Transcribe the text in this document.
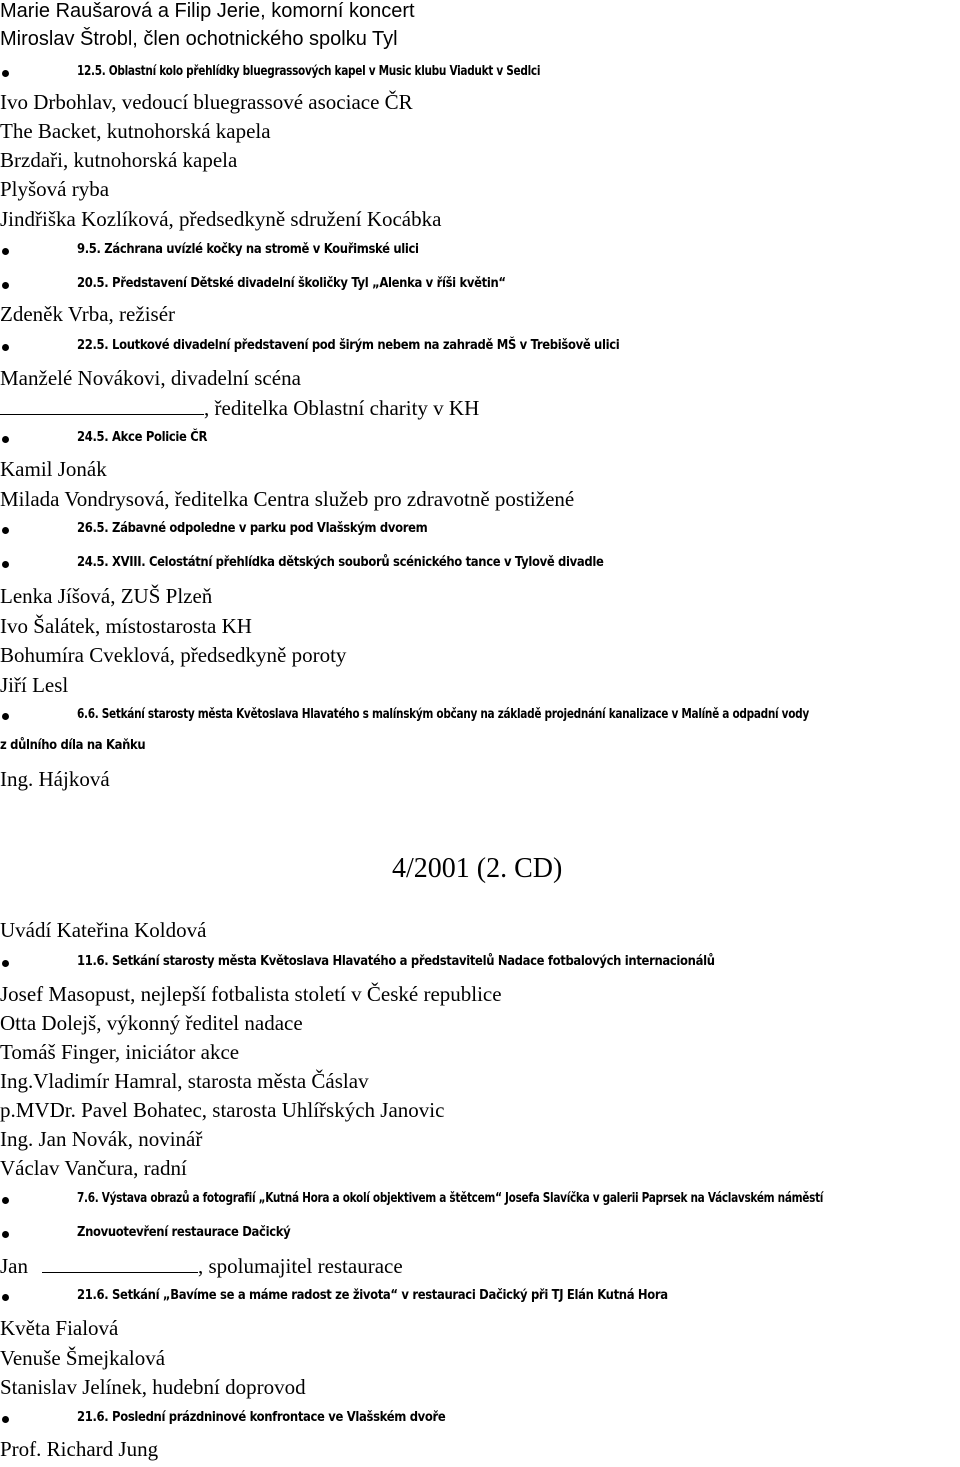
Marie Raušarová a Filip Jerie, komorní koncert
Miroslav Štrobl, člen ochotnického spolku Tyl
12.5. Oblastní kolo přehlídky bluegrassových kapel v Music klubu Viadukt v Sedlci
Ivo Drbohlav, vedoucí bluegrassové asociace ČR
The Backet, kutnohorská kapela
Brzdaři, kutnohorská kapela
Plyšová ryba
Jindřiška Kozlíková, předsedkyně sdružení Kocábka
9.5. Záchrana uvízlé kočky na stromě v Kouřimské ulici
20.5. Představení Dětské divadelní školičky Tyl „Alenka v říši květin“
Zdeněk Vrba, režisér
22.5. Loutkové divadelní představení pod širým nebem na zahradě MŠ v Trebišově ulici
Manželé Novákovi, divadelní scéna
, ředitelka Oblastní charity v KH
24.5. Akce Policie ČR
Kamil Jonák
Milada Vondrysová, ředitelka Centra služeb pro zdravotně postižené
26.5. Zábavné odpoledne v parku pod Vlašským dvorem
24.5. XVIII. Celostátní přehlídka dětských souborů scénického tance v Tylově divadle
Lenka Jíšová, ZUŠ Plzeň
Ivo Šalátek, místostarosta KH
Bohumíra Cveklová, předsedkyně poroty
Jiří Lesl
6.6. Setkání starosty města Květoslava Hlavatého s malínským občany na základě projednání kanalizace v Malíně a odpadní vody
z důlního díla na Kaňku
Ing. Hájková
4/2001 (2. CD)
Uvádí Kateřina Koldová
11.6. Setkání starosty města Květoslava Hlavatého a představitelů Nadace fotbalových internacionálů
Josef Masopust, nejlepší fotbalista století v České republice
Otta Dolejš, výkonný ředitel nadace
Tomáš Finger, iniciátor akce
Ing.Vladimír Hamral, starosta města Čáslav
p.MVDr. Pavel Bohatec, starosta Uhlířských Janovic
Ing. Jan Novák, novinář
Václav Vančura, radní
7.6. Výstava obrazů a fotografií „Kutná Hora a okolí objektivem a štětcem“ Josefa Slavíčka v galerii Paprsek na Václavském náměstí
Znovuotevření restaurace Dačický
Jan	, spolumajitel restaurace
21.6. Setkání „Bavíme se a máme radost ze života“ v restauraci Dačický při TJ Elán Kutná Hora
Květa Fialová
Venuše Šmejkalová
Stanislav Jelínek, hudební doprovod
21.6. Poslední prázdninové konfrontace ve Vlašském dvoře
Prof. Richard Jung
